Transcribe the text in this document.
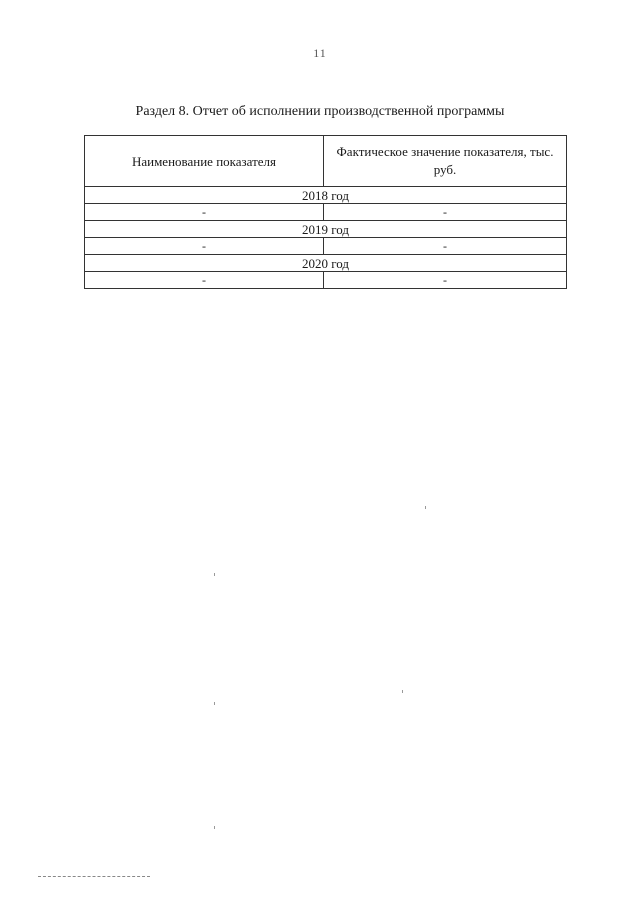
11
Раздел 8. Отчет об исполнении производственной программы
Наименование показателя	Фактическое значение показателя, тыс. руб.
2018 год	
-	-
2019 год	
-	-
2020 год	
-	-
